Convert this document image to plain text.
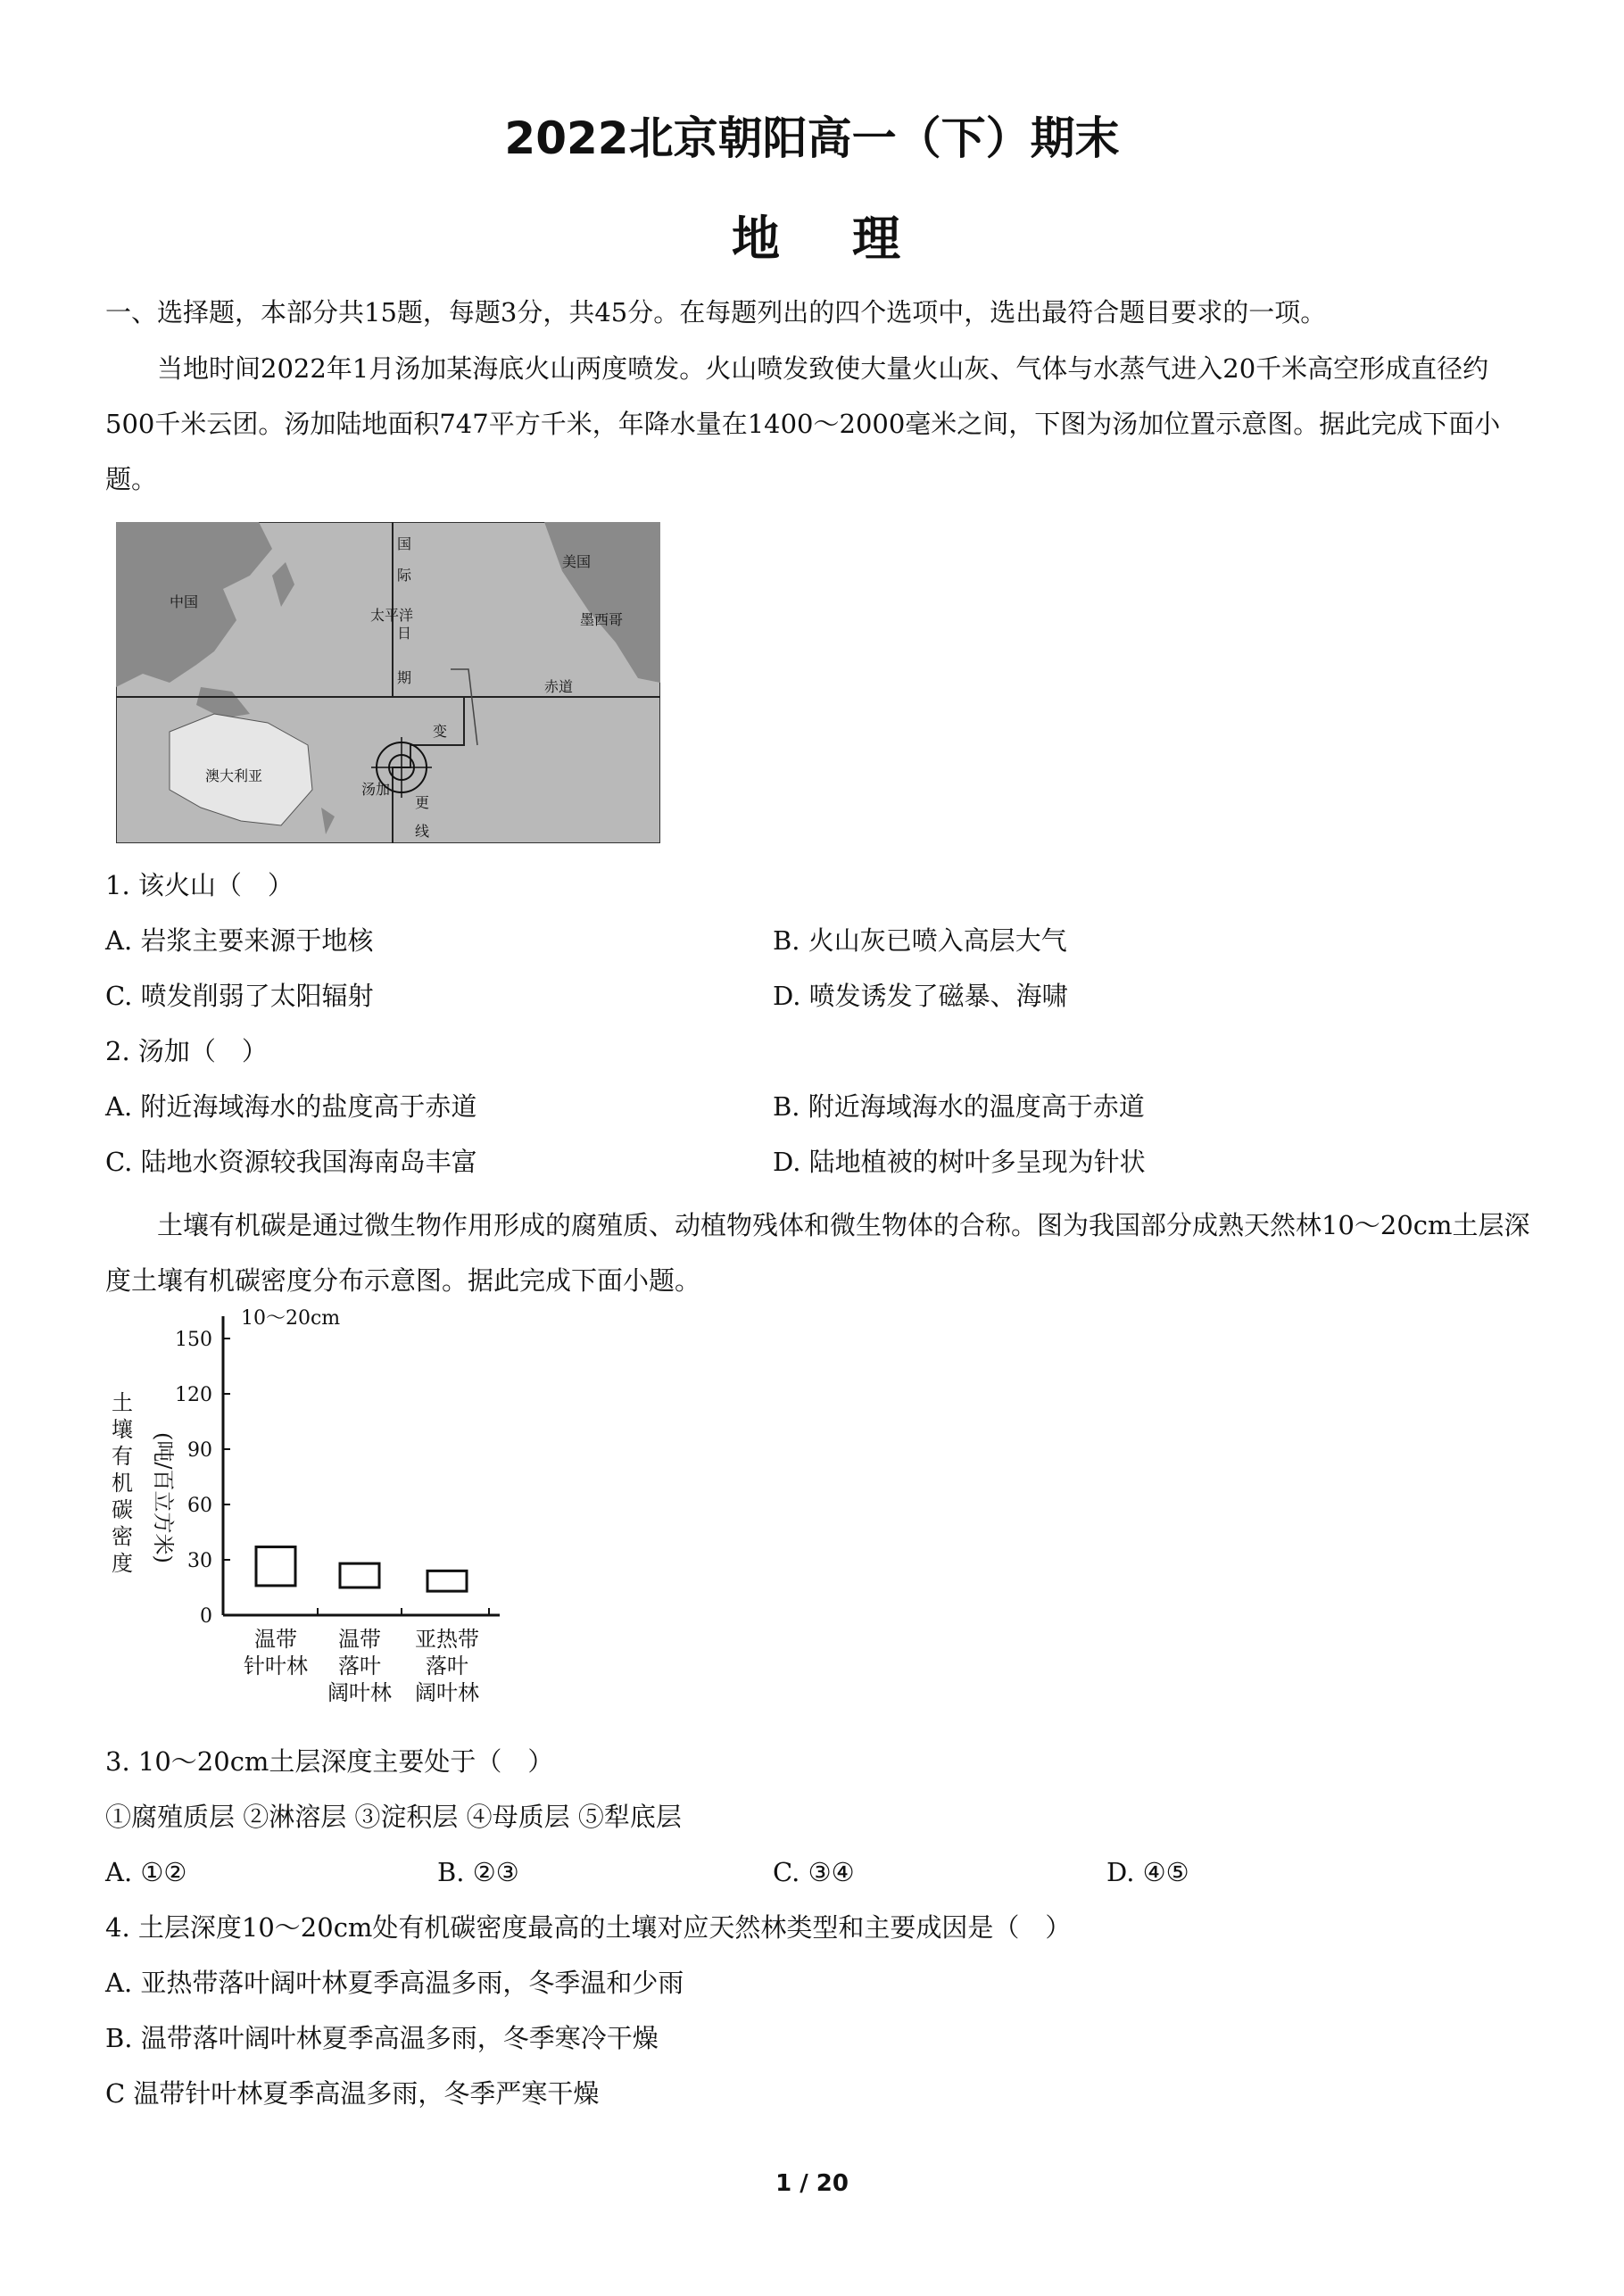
2022北京朝阳高一（下）期末
地 理
一、选择题，本部分共15题，每题3分，共45分。在每题列出的四个选项中，选出最符合题目要求的一项。
当地时间2022年1月汤加某海底火山两度喷发。火山喷发致使大量火山灰、气体与水蒸气进入20千米高空形成直径约500千米云团。汤加陆地面积747平方千米，年降水量在1400～2000毫米之间，下图为汤加位置示意图。据此完成下面小题。
中国
美国
墨西哥
太平洋
澳大利亚
汤加
赤道
国
际
日
期
变
更
线
1. 该火山（　）
A. 岩浆主要来源于地核	B. 火山灰已喷入高层大气
C. 喷发削弱了太阳辐射	D. 喷发诱发了磁暴、海啸
2. 汤加（　）
A. 附近海域海水的盐度高于赤道	B. 附近海域海水的温度高于赤道
C. 陆地水资源较我国海南岛丰富	D. 陆地植被的树叶多呈现为针状
土壤有机碳是通过微生物作用形成的腐殖质、动植物残体和微生物体的合称。图为我国部分成熟天然林10～20cm土层深度土壤有机碳密度分布示意图。据此完成下面小题。
土
壤
有
机
碳
密
度
(吨/百立方米)
10～20cm
150
120
90
60
30
0
温带
针叶林
温带
落叶
阔叶林
亚热带
落叶
阔叶林
3. 10～20cm土层深度主要处于（　）
①腐殖质层 ②淋溶层 ③淀积层 ④母质层 ⑤犁底层
A. ①②	B. ②③	C. ③④	D. ④⑤
4. 土层深度10～20cm处有机碳密度最高的土壤对应天然林类型和主要成因是（　）
A. 亚热带落叶阔叶林夏季高温多雨，冬季温和少雨
B. 温带落叶阔叶林夏季高温多雨，冬季寒冷干燥
C 温带针叶林夏季高温多雨，冬季严寒干燥
1 / 20
